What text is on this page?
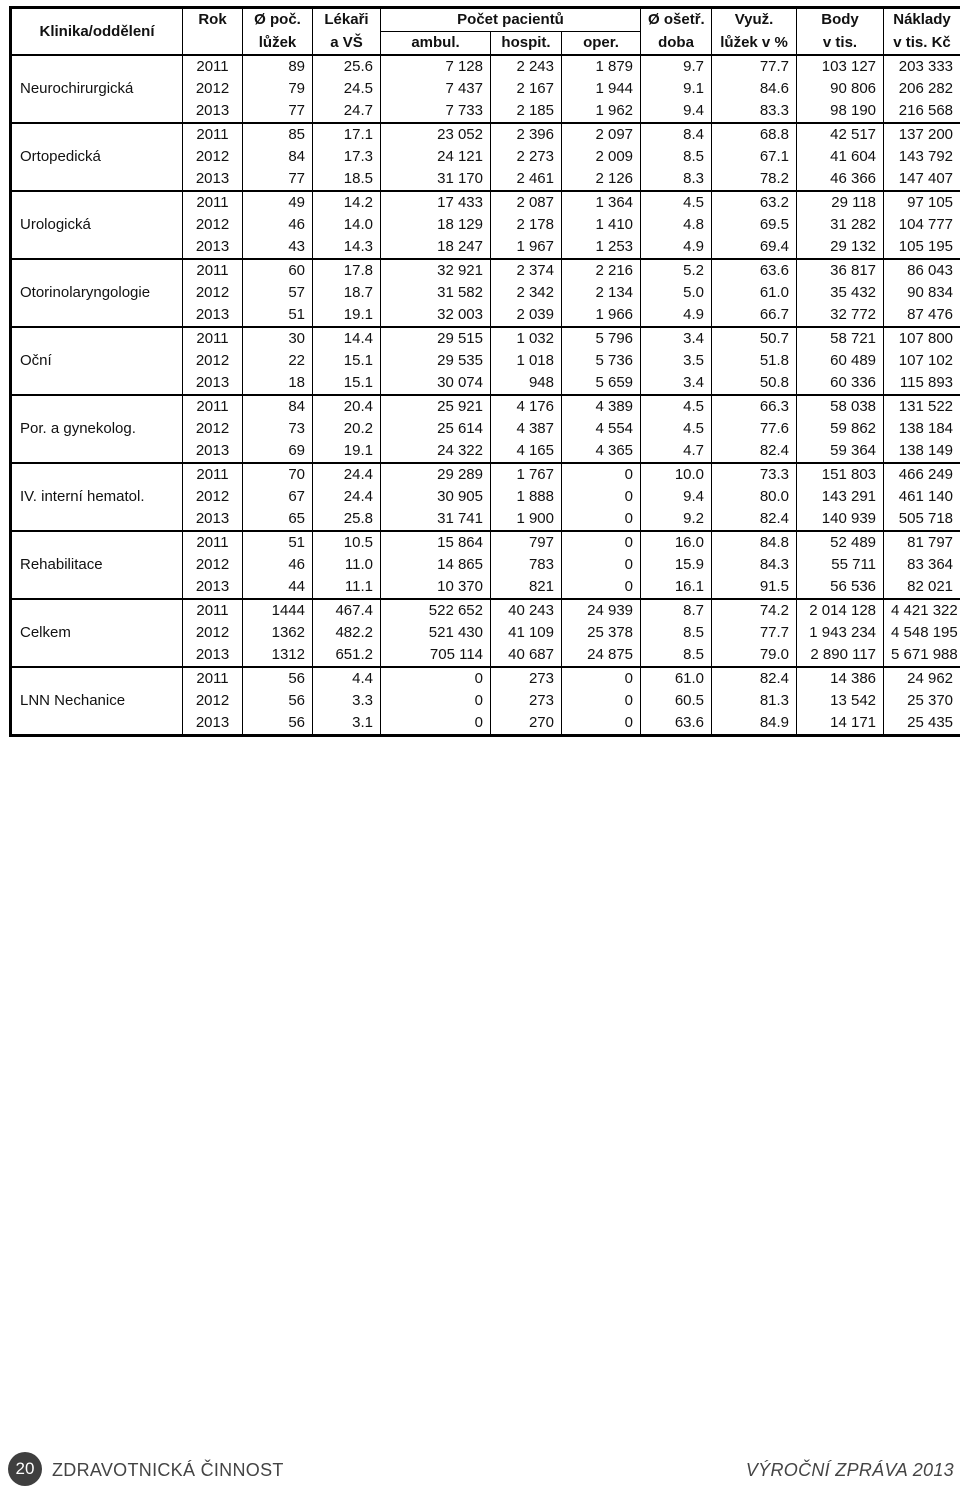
Klinika/oddělení	Rok	Ø poč.	Lékaři	Počet pacientů			Ø ošetř.	Využ.	Body	Náklady
		lůžek	a VŠ	ambul.	hospit.	oper.	doba	lůžek v %	v tis.	v tis. Kč
Neurochirurgická	2011	89	25.6	7 128	2 243	1 879	9.7	77.7	103 127	203 333
	2012	79	24.5	7 437	2 167	1 944	9.1	84.6	90 806	206 282
	2013	77	24.7	7 733	2 185	1 962	9.4	83.3	98 190	216 568
Ortopedická	2011	85	17.1	23 052	2 396	2 097	8.4	68.8	42 517	137 200
	2012	84	17.3	24 121	2 273	2 009	8.5	67.1	41 604	143 792
	2013	77	18.5	31 170	2 461	2 126	8.3	78.2	46 366	147 407
Urologická	2011	49	14.2	17 433	2 087	1 364	4.5	63.2	29 118	97 105
	2012	46	14.0	18 129	2 178	1 410	4.8	69.5	31 282	104 777
	2013	43	14.3	18 247	1 967	1 253	4.9	69.4	29 132	105 195
Otorinolaryngologie	2011	60	17.8	32 921	2 374	2 216	5.2	63.6	36 817	86 043
	2012	57	18.7	31 582	2 342	2 134	5.0	61.0	35 432	90 834
	2013	51	19.1	32 003	2 039	1 966	4.9	66.7	32 772	87 476
Oční	2011	30	14.4	29 515	1 032	5 796	3.4	50.7	58 721	107 800
	2012	22	15.1	29 535	1 018	5 736	3.5	51.8	60 489	107 102
	2013	18	15.1	30 074	948	5 659	3.4	50.8	60 336	115 893
Por. a gynekolog.	2011	84	20.4	25 921	4 176	4 389	4.5	66.3	58 038	131 522
	2012	73	20.2	25 614	4 387	4 554	4.5	77.6	59 862	138 184
	2013	69	19.1	24 322	4 165	4 365	4.7	82.4	59 364	138 149
IV. interní hematol.	2011	70	24.4	29 289	1 767	0	10.0	73.3	151 803	466 249
	2012	67	24.4	30 905	1 888	0	9.4	80.0	143 291	461 140
	2013	65	25.8	31 741	1 900	0	9.2	82.4	140 939	505 718
Rehabilitace	2011	51	10.5	15 864	797	0	16.0	84.8	52 489	81 797
	2012	46	11.0	14 865	783	0	15.9	84.3	55 711	83 364
	2013	44	11.1	10 370	821	0	16.1	91.5	56 536	82 021
Celkem	2011	1444	467.4	522 652	40 243	24 939	8.7	74.2	2 014 128	4 421 322
	2012	1362	482.2	521 430	41 109	25 378	8.5	77.7	1 943 234	4 548 195
	2013	1312	651.2	705 114	40 687	24 875	8.5	79.0	2 890 117	5 671 988
LNN Nechanice	2011	56	4.4	0	273	0	61.0	82.4	14 386	24 962
	2012	56	3.3	0	273	0	60.5	81.3	13 542	25 370
	2013	56	3.1	0	270	0	63.6	84.9	14 171	25 435
20 ZDRAVOTNICKÁ ČINNOST	VÝROČNÍ ZPRÁVA 2013
